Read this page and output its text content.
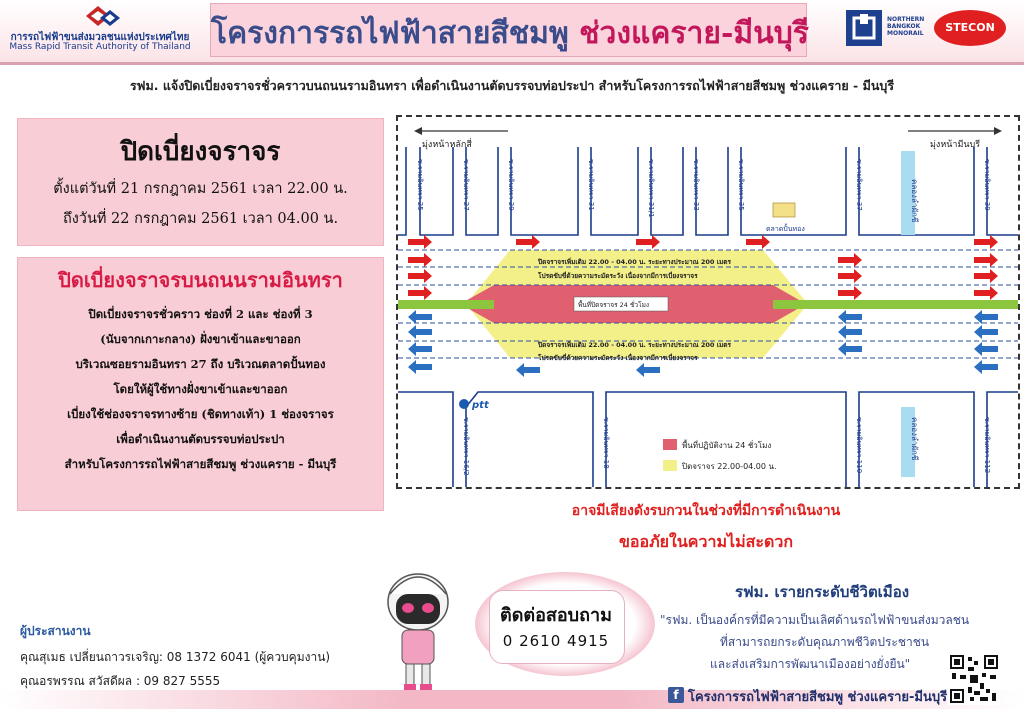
การรถไฟฟ้าขนส่งมวลชนแห่งประเทศไทย
Mass Rapid Transit Authority of Thailand โครงการรถไฟฟ้าสายสีชมพู ช่วงแคราย-มีนบุรี	NORTHERN BANGKOK MONORAIL	STECON
รฟม. แจ้งปิดเบี่ยงจราจรชั่วคราวบนถนนรามอินทรา เพื่อดำเนินงานตัดบรรจบท่อประปา สำหรับโครงการรถไฟฟ้าสายสีชมพู ช่วงแคราย - มีนบุรี
ปิดเบี่ยงจราจร
ตั้งแต่วันที่ 21 กรกฎาคม 2561 เวลา 22.00 น.
ถึงวันที่ 22 กรกฎาคม 2561 เวลา 04.00 น.
ปิดเบี่ยงจราจรบนถนนรามอินทรา
ปิดเบี่ยงจราจรชั่วคราว ช่องที่ 2 และ ช่องที่ 3
(นับจากเกาะกลาง) ฝั่งขาเข้าและขาออก
บริเวณซอยรามอินทรา 27 ถึง บริเวณตลาดปั้นทอง
โดยให้ผู้ใช้ทางฝั่งขาเข้าและขาออก
เบี่ยงใช้ช่องจราจรทางซ้าย (ชิดทางเท้า) 1 ช่องจราจร
เพื่อดำเนินงานตัดบรรจบท่อประปา
สำหรับโครงการรถไฟฟ้าสายสีชมพู ช่วงแคราย - มีนบุรี
มุ่งหน้าหลักสี่	มุ่งหน้ามีนบุรี
คลองลำผักชี
ซ.รามอินทรา 25	ซ.รามอินทรา 27	ซ.รามอินทรา 29	ซ.รามอินทรา 31	ซ.รามอินทรา 31/1	ซ.รามอินทรา 33	ซ.รามอินทรา 35	ซ.รามอินทรา 37	ซ.รามอินทรา 39
ตลาดปั้นทอง
ปิดจราจรเพิ่มเติม 22.00 - 04.00 น. ระยะทางประมาณ 200 เมตร
โปรดขับขี่ด้วยความระมัดระวัง เนื่องจากมีการเบี่ยงจราจร
พื้นที่ปิดจราจร 24 ชั่วโมง
ปิดจราจรเพิ่มเติม 22.00 - 04.00 น. ระยะทางประมาณ 200 เมตร
โปรดขับขี่ด้วยความระมัดระวัง เนื่องจากมีการเบี่ยงจราจร
คลองลำผักชี
ซ.รามอินทรา 16/2	ซ.รามอินทรา 18	ซ.รามอินทรา 110	ซ.รามอินทรา 112
ptt
พื้นที่ปฏิบัติงาน 24 ชั่วโมง
ปิดจราจร 22.00-04.00 น.
อาจมีเสียงดังรบกวนในช่วงที่มีการดำเนินงาน
ขออภัยในความไม่สะดวก
ผู้ประสานงาน
คุณสุเมธ เปลี่ยนถาวรเจริญ: 08 1372 6041 (ผู้ควบคุมงาน)
คุณอรพรรณ สวัสดีผล : 09 827 5555
ติดต่อสอบถาม
0 2610 4915
รฟม. เรายกระดับชีวิตเมือง
"รฟม. เป็นองค์กรที่มีความเป็นเลิศด้านรถไฟฟ้าขนส่งมวลชน
ที่สามารถยกระดับคุณภาพชีวิตประชาชน
และส่งเสริมการพัฒนาเมืองอย่างยั่งยืน"
f โครงการรถไฟฟ้าสายสีชมพู ช่วงแคราย-มีนบุรี
